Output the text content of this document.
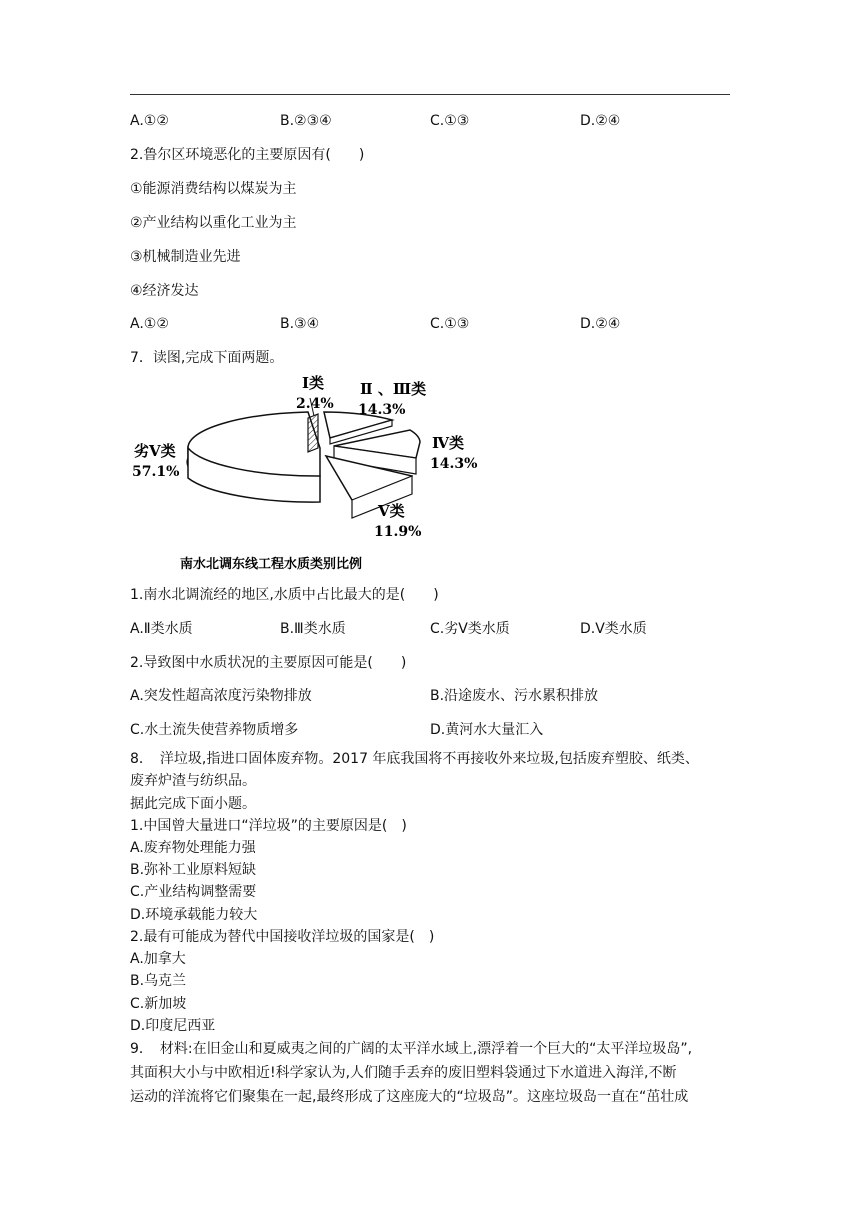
A.①②	B.②③④	C.①③	D.②④
2.鲁尔区环境恶化的主要原因有(　　)
①能源消费结构以煤炭为主
②产业结构以重化工业为主
③机械制造业先进
④经济发达
A.①②	B.③④	C.①③	D.②④
7．读图,完成下面两题。
Ⅰ类
2.4%
Ⅱ 、Ⅲ类
14.3%
Ⅳ类
14.3%
Ⅴ类
11.9%
劣Ⅴ类
57.1%
南水北调东线工程水质类别比例
1.南水北调流经的地区,水质中占比最大的是(　　)
A.Ⅱ类水质	B.Ⅲ类水质	C.劣Ⅴ类水质	D.Ⅴ类水质
2.导致图中水质状况的主要原因可能是(　　)
A.突发性超高浓度污染物排放	B.沿途废水、污水累积排放
C.水土流失使营养物质增多	D.黄河水大量汇入
8．　洋垃圾,指进口固体废弃物。2017 年底我国将不再接收外来垃圾,包括废弃塑胶、纸类、
废弃炉渣与纺织品。
据此完成下面小题。
1.中国曾大量进口“洋垃圾”的主要原因是(　)
A.废弃物处理能力强
B.弥补工业原料短缺
C.产业结构调整需要
D.环境承载能力较大
2.最有可能成为替代中国接收洋垃圾的国家是(　)
A.加拿大
B.乌克兰
C.新加坡
D.印度尼西亚
9．　材料:在旧金山和夏威夷之间的广阔的太平洋水域上,漂浮着一个巨大的“太平洋垃圾岛”,
其面积大小与中欧相近!科学家认为,人们随手丢弃的废旧塑料袋通过下水道进入海洋,不断
运动的洋流将它们聚集在一起,最终形成了这座庞大的“垃圾岛”。这座垃圾岛一直在“茁壮成
